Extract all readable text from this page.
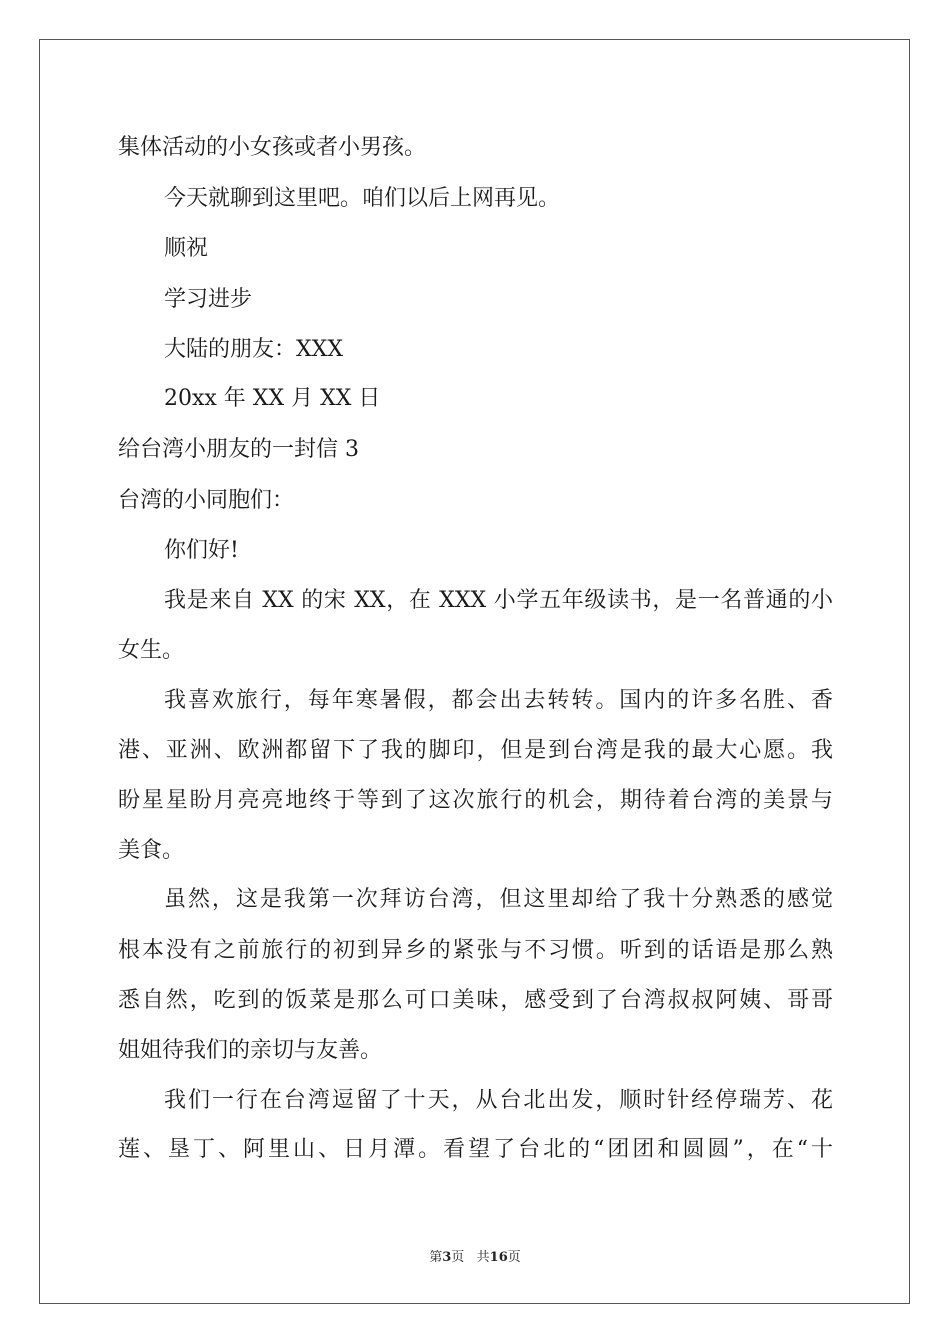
集体活动的小女孩或者小男孩。
今天就聊到这里吧。咱们以后上网再见。
顺祝
学习进步
大陆的朋友：XXX
20xx 年 XX 月 XX 日
给台湾小朋友的一封信 3
台湾的小同胞们：
你们好!
我是来自 XX 的宋 XX，在 XXX 小学五年级读书，是一名普通的小
女生。
我喜欢旅行，每年寒暑假，都会出去转转。国内的许多名胜、香
港、亚洲、欧洲都留下了我的脚印，但是到台湾是我的最大心愿。我
盼星星盼月亮亮地终于等到了这次旅行的机会，期待着台湾的美景与
美食。
虽然，这是我第一次拜访台湾，但这里却给了我十分熟悉的感觉
根本没有之前旅行的初到异乡的紧张与不习惯。听到的话语是那么熟
悉自然，吃到的饭菜是那么可口美味，感受到了台湾叔叔阿姨、哥哥
姐姐待我们的亲切与友善。
我们一行在台湾逗留了十天，从台北出发，顺时针经停瑞芳、花
莲、垦丁、阿里山、日月潭。看望了台北的“团团和圆圆”，在“十
第3页   共16页
